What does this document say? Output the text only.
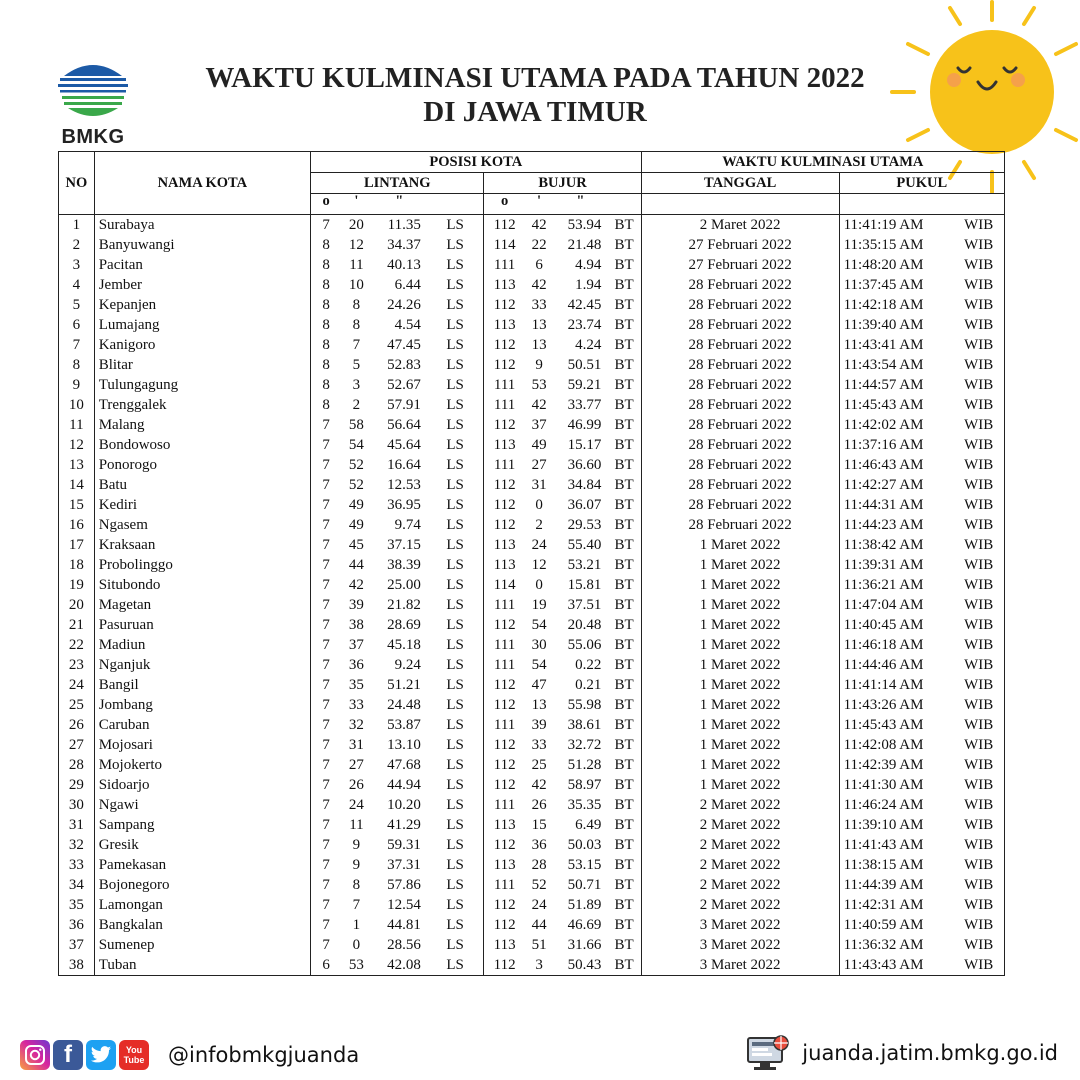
BMKG
WAKTU KULMINASI UTAMA PADA TAHUN 2022
DI JAWA TIMUR
NO	NAMA KOTA	POSISI KOTA								WAKTU KULMINASI UTAMA		
		LINTANG				BUJUR				TANGGAL	PUKUL	
		o	'	"		o	'	"				
1	Surabaya	7	20	11.35	LS	112	42	53.94	BT	2 Maret 2022	11:41:19 AM	WIB
2	Banyuwangi	8	12	34.37	LS	114	22	21.48	BT	27 Februari 2022	11:35:15 AM	WIB
3	Pacitan	8	11	40.13	LS	111	6	4.94	BT	27 Februari 2022	11:48:20 AM	WIB
4	Jember	8	10	6.44	LS	113	42	1.94	BT	28 Februari 2022	11:37:45 AM	WIB
5	Kepanjen	8	8	24.26	LS	112	33	42.45	BT	28 Februari 2022	11:42:18 AM	WIB
6	Lumajang	8	8	4.54	LS	113	13	23.74	BT	28 Februari 2022	11:39:40 AM	WIB
7	Kanigoro	8	7	47.45	LS	112	13	4.24	BT	28 Februari 2022	11:43:41 AM	WIB
8	Blitar	8	5	52.83	LS	112	9	50.51	BT	28 Februari 2022	11:43:54 AM	WIB
9	Tulungagung	8	3	52.67	LS	111	53	59.21	BT	28 Februari 2022	11:44:57 AM	WIB
10	Trenggalek	8	2	57.91	LS	111	42	33.77	BT	28 Februari 2022	11:45:43 AM	WIB
11	Malang	7	58	56.64	LS	112	37	46.99	BT	28 Februari 2022	11:42:02 AM	WIB
12	Bondowoso	7	54	45.64	LS	113	49	15.17	BT	28 Februari 2022	11:37:16 AM	WIB
13	Ponorogo	7	52	16.64	LS	111	27	36.60	BT	28 Februari 2022	11:46:43 AM	WIB
14	Batu	7	52	12.53	LS	112	31	34.84	BT	28 Februari 2022	11:42:27 AM	WIB
15	Kediri	7	49	36.95	LS	112	0	36.07	BT	28 Februari 2022	11:44:31 AM	WIB
16	Ngasem	7	49	9.74	LS	112	2	29.53	BT	28 Februari 2022	11:44:23 AM	WIB
17	Kraksaan	7	45	37.15	LS	113	24	55.40	BT	1 Maret 2022	11:38:42 AM	WIB
18	Probolinggo	7	44	38.39	LS	113	12	53.21	BT	1 Maret 2022	11:39:31 AM	WIB
19	Situbondo	7	42	25.00	LS	114	0	15.81	BT	1 Maret 2022	11:36:21 AM	WIB
20	Magetan	7	39	21.82	LS	111	19	37.51	BT	1 Maret 2022	11:47:04 AM	WIB
21	Pasuruan	7	38	28.69	LS	112	54	20.48	BT	1 Maret 2022	11:40:45 AM	WIB
22	Madiun	7	37	45.18	LS	111	30	55.06	BT	1 Maret 2022	11:46:18 AM	WIB
23	Nganjuk	7	36	9.24	LS	111	54	0.22	BT	1 Maret 2022	11:44:46 AM	WIB
24	Bangil	7	35	51.21	LS	112	47	0.21	BT	1 Maret 2022	11:41:14 AM	WIB
25	Jombang	7	33	24.48	LS	112	13	55.98	BT	1 Maret 2022	11:43:26 AM	WIB
26	Caruban	7	32	53.87	LS	111	39	38.61	BT	1 Maret 2022	11:45:43 AM	WIB
27	Mojosari	7	31	13.10	LS	112	33	32.72	BT	1 Maret 2022	11:42:08 AM	WIB
28	Mojokerto	7	27	47.68	LS	112	25	51.28	BT	1 Maret 2022	11:42:39 AM	WIB
29	Sidoarjo	7	26	44.94	LS	112	42	58.97	BT	1 Maret 2022	11:41:30 AM	WIB
30	Ngawi	7	24	10.20	LS	111	26	35.35	BT	2 Maret 2022	11:46:24 AM	WIB
31	Sampang	7	11	41.29	LS	113	15	6.49	BT	2 Maret 2022	11:39:10 AM	WIB
32	Gresik	7	9	59.31	LS	112	36	50.03	BT	2 Maret 2022	11:41:43 AM	WIB
33	Pamekasan	7	9	37.31	LS	113	28	53.15	BT	2 Maret 2022	11:38:15 AM	WIB
34	Bojonegoro	7	8	57.86	LS	111	52	50.71	BT	2 Maret 2022	11:44:39 AM	WIB
35	Lamongan	7	7	12.54	LS	112	24	51.89	BT	2 Maret 2022	11:42:31 AM	WIB
36	Bangkalan	7	1	44.81	LS	112	44	46.69	BT	3 Maret 2022	11:40:59 AM	WIB
37	Sumenep	7	0	28.56	LS	113	51	31.66	BT	3 Maret 2022	11:36:32 AM	WIB
38	Tuban	6	53	42.08	LS	112	3	50.43	BT	3 Maret 2022	11:43:43 AM	WIB
f	You Tube @infobmkgjuanda	juanda.jatim.bmkg.go.id
